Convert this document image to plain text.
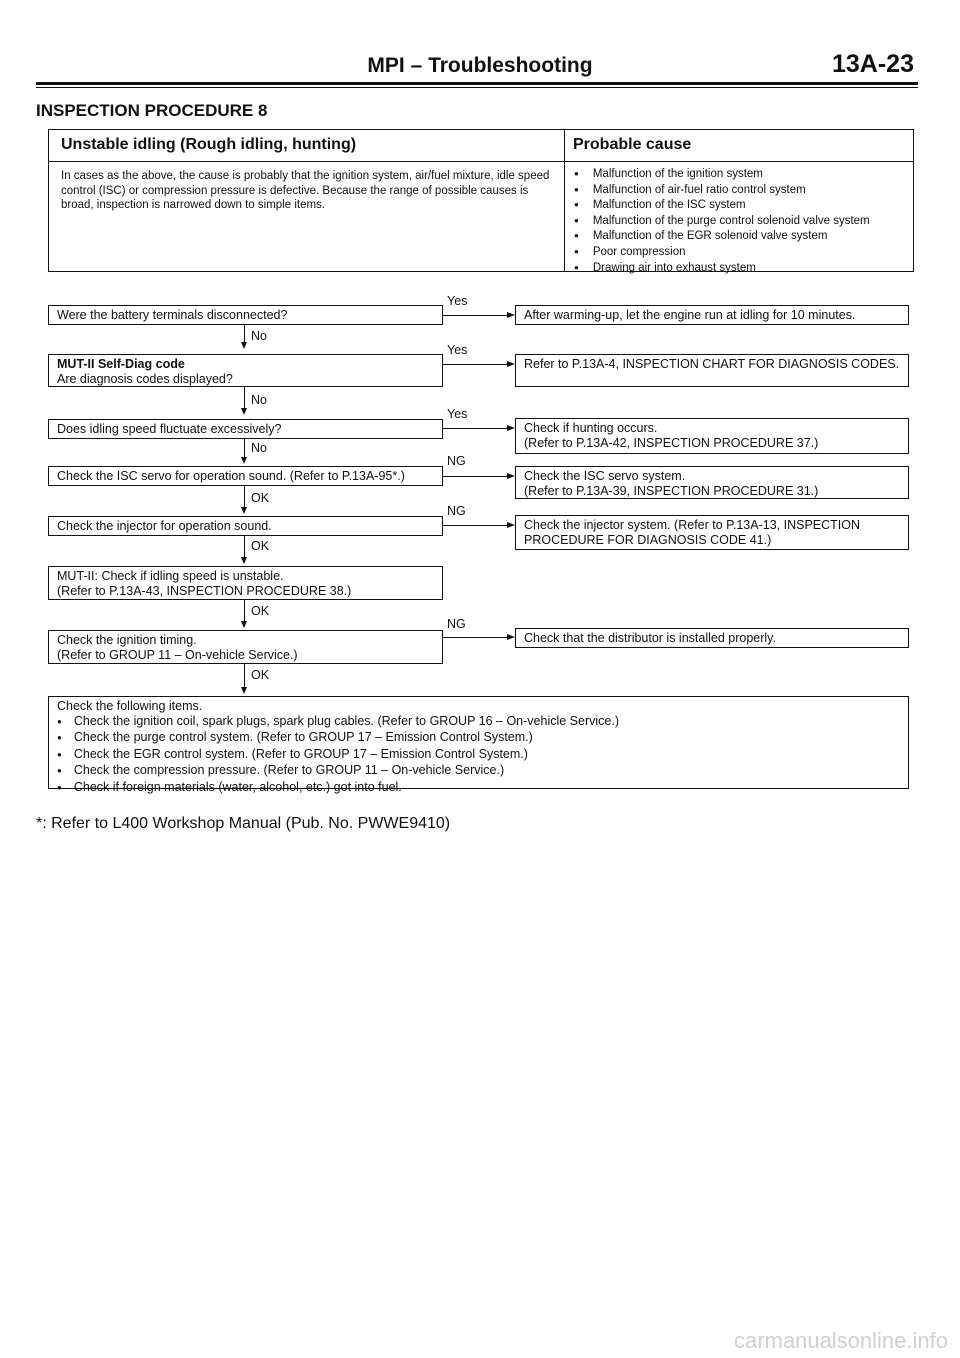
MPI – Troubleshooting	13A-23
INSPECTION PROCEDURE 8
Unstable idling (Rough idling, hunting)	Probable cause
In cases as the above, the cause is probably that the ignition system, air/fuel mixture, idle speed control (ISC) or compression pressure is defective. Because the range of possible causes is broad, inspection is narrowed down to simple items.
● Malfunction of the ignition system
● Malfunction of air-fuel ratio control system
● Malfunction of the ISC system
● Malfunction of the purge control solenoid valve system
● Malfunction of the EGR solenoid valve system
● Poor compression
● Drawing air into exhaust system
Were the battery terminals disconnected?
Yes
After warming-up, let the engine run at idling for 10 minutes.
No
MUT-II Self-Diag code
Are diagnosis codes displayed?
Yes
Refer to P.13A-4, INSPECTION CHART FOR DIAGNOSIS CODES.
No
Does idling speed fluctuate excessively?
Yes
Check if hunting occurs.
(Refer to P.13A-42, INSPECTION PROCEDURE 37.)
No
Check the ISC servo for operation sound. (Refer to P.13A-95*.)
NG
Check the ISC servo system.
(Refer to P.13A-39, INSPECTION PROCEDURE 31.)
OK
Check the injector for operation sound.
NG
Check the injector system. (Refer to P.13A-13, INSPECTION PROCEDURE FOR DIAGNOSIS CODE 41.)
OK
MUT-II: Check if idling speed is unstable.
(Refer to P.13A-43, INSPECTION PROCEDURE 38.)
OK
Check the ignition timing.
(Refer to GROUP 11 – On-vehicle Service.)
NG
Check that the distributor is installed properly.
OK
Check the following items.
● Check the ignition coil, spark plugs, spark plug cables. (Refer to GROUP 16 – On-vehicle Service.)
● Check the purge control system. (Refer to GROUP 17 – Emission Control System.)
● Check the EGR control system. (Refer to GROUP 17 – Emission Control System.)
● Check the compression pressure. (Refer to GROUP 11 – On-vehicle Service.)
● Check if foreign materials (water, alcohol, etc.) got into fuel.
*: Refer to L400 Workshop Manual (Pub. No. PWWE9410)
carmanualsonline.info
